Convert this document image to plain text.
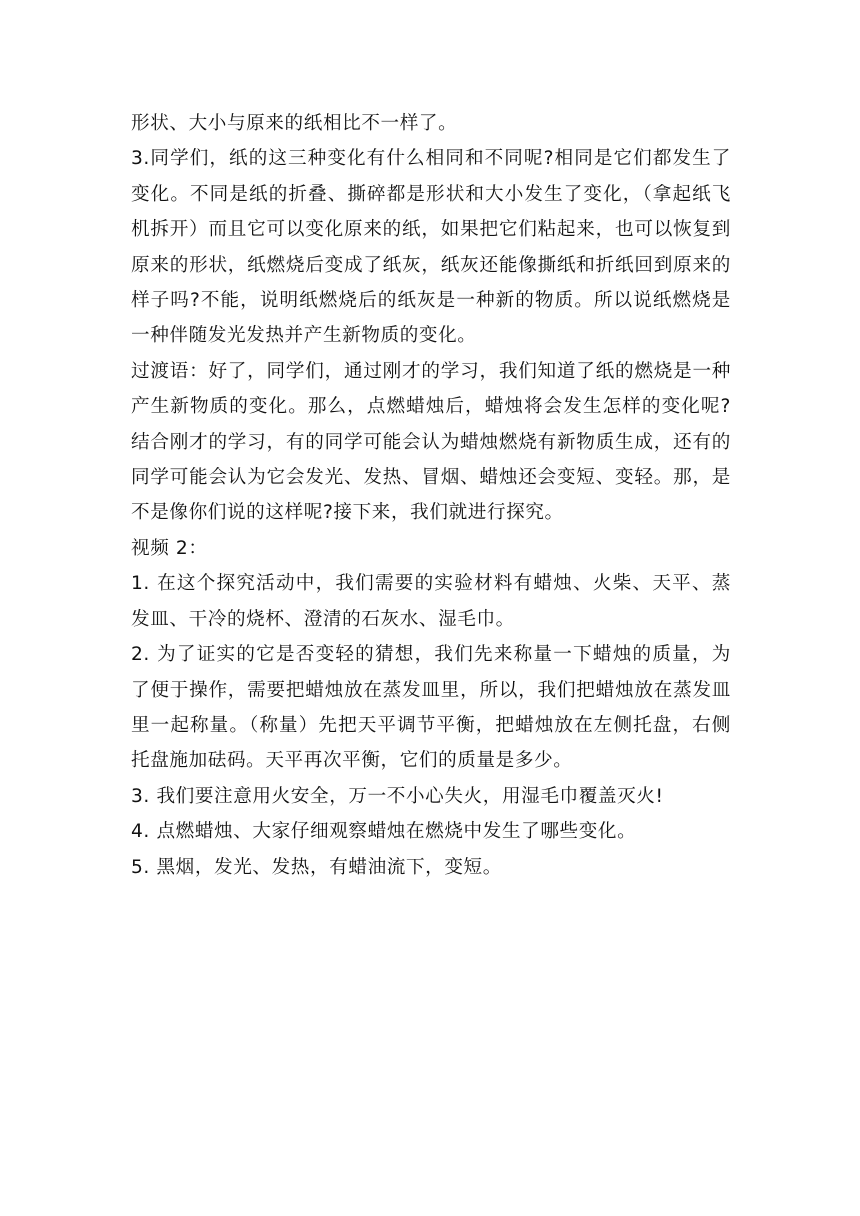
形状、大小与原来的纸相比不一样了。

3.同学们，纸的这三种变化有什么相同和不同呢?相同是它们都发生了变化。不同是纸的折叠、撕碎都是形状和大小发生了变化，（拿起纸飞机拆开）而且它可以变化原来的纸，如果把它们粘起来，也可以恢复到原来的形状，纸燃烧后变成了纸灰，纸灰还能像撕纸和折纸回到原来的样子吗?不能，说明纸燃烧后的纸灰是一种新的物质。所以说纸燃烧是一种伴随发光发热并产生新物质的变化。

过渡语：好了，同学们，通过刚才的学习，我们知道了纸的燃烧是一种产生新物质的变化。那么，点燃蜡烛后，蜡烛将会发生怎样的变化呢?结合刚才的学习，有的同学可能会认为蜡烛燃烧有新物质生成，还有的同学可能会认为它会发光、发热、冒烟、蜡烛还会变短、变轻。那，是不是像你们说的这样呢?接下来，我们就进行探究。

视频 2：

1. 在这个探究活动中，我们需要的实验材料有蜡烛、火柴、天平、蒸发皿、干冷的烧杯、澄清的石灰水、湿毛巾。

2. 为了证实的它是否变轻的猜想，我们先来称量一下蜡烛的质量，为了便于操作，需要把蜡烛放在蒸发皿里，所以，我们把蜡烛放在蒸发皿里一起称量。（称量）先把天平调节平衡，把蜡烛放在左侧托盘，右侧托盘施加砝码。天平再次平衡，它们的质量是多少。

3. 我们要注意用火安全，万一不小心失火，用湿毛巾覆盖灭火!

4. 点燃蜡烛、大家仔细观察蜡烛在燃烧中发生了哪些变化。

5. 黑烟，发光、发热，有蜡油流下，变短。
